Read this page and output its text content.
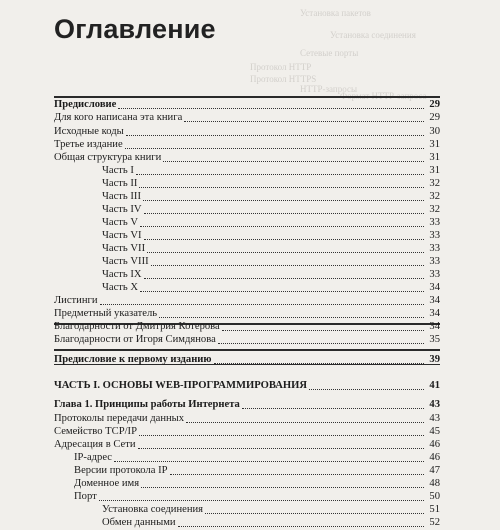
Оглавление
Установка пакетов
Установка соединения
Сетевые порты
Протокол HTTP
Протокол HTTPS
HTTP-запросы
Предисловие	29
Для кого написана эта книга	29
Исходные коды	30
Третье издание	31
Общая структура книги	31
Часть I	31
Часть II	32
Часть III	32
Часть IV	32
Часть V	33
Часть VI	33
Часть VII	33
Часть VIII	33
Часть IX	33
Часть X	34
Листинги	34
Предметный указатель	34
Благодарности от Дмитрия Котерова	34
Благодарности от Игоря Симдянова	35
Предисловие к первому изданию	39
ЧАСТЬ I. ОСНОВЫ WEB-ПРОГРАММИРОВАНИЯ	41
Глава 1. Принципы работы Интернета	43
Протоколы передачи данных	43
Семейство TCP/IP	45
Адресация в Сети	46
IP-адрес	46
Версии протокола IP	47
Доменное имя	48
Порт	50
Установка соединения	51
Обмен данными	52
